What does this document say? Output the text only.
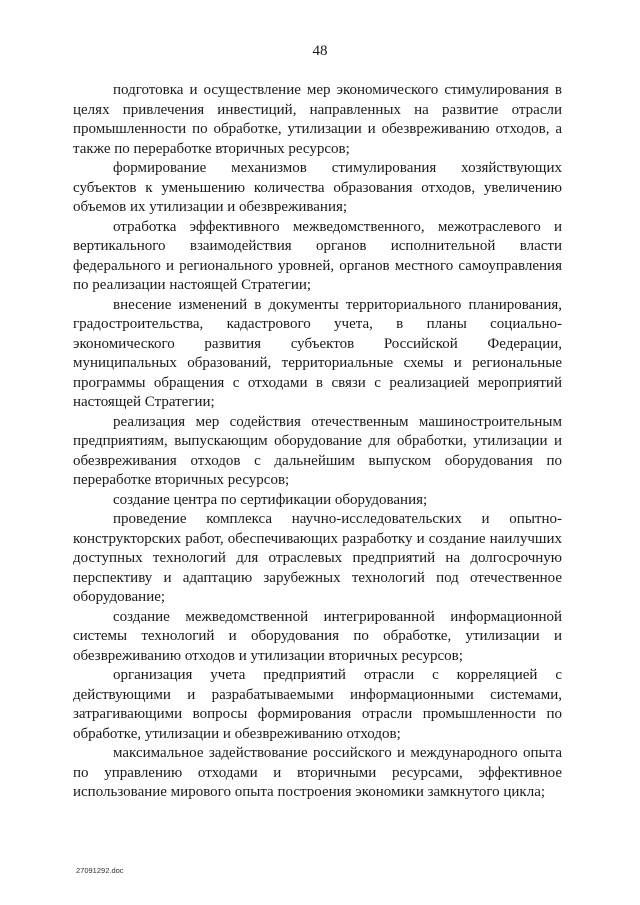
48

подготовка и осуществление мер экономического стимулирования в целях привлечения инвестиций, направленных на развитие отрасли промышленности по обработке, утилизации и обезвреживанию отходов, а также по переработке вторичных ресурсов;

формирование механизмов стимулирования хозяйствующих субъектов к уменьшению количества образования отходов, увеличению объемов их утилизации и обезвреживания;

отработка эффективного межведомственного, межотраслевого и вертикального взаимодействия органов исполнительной власти федерального и регионального уровней, органов местного самоуправления по реализации настоящей Стратегии;

внесение изменений в документы территориального планирования, градостроительства, кадастрового учета, в планы социально-экономического развития субъектов Российской Федерации, муниципальных образований, территориальные схемы и региональные программы обращения с отходами в связи с реализацией мероприятий настоящей Стратегии;

реализация мер содействия отечественным машиностроительным предприятиям, выпускающим оборудование для обработки, утилизации и обезвреживания отходов с дальнейшим выпуском оборудования по переработке вторичных ресурсов;

создание центра по сертификации оборудования;

проведение комплекса научно-исследовательских и опытно-конструкторских работ, обеспечивающих разработку и создание наилучших доступных технологий для отраслевых предприятий на долгосрочную перспективу и адаптацию зарубежных технологий под отечественное оборудование;

создание межведомственной интегрированной информационной системы технологий и оборудования по обработке, утилизации и обезвреживанию отходов и утилизации вторичных ресурсов;

организация учета предприятий отрасли с корреляцией с действующими и разрабатываемыми информационными системами, затрагивающими вопросы формирования отрасли промышленности по обработке, утилизации и обезвреживанию отходов;

максимальное задействование российского и международного опыта по управлению отходами и вторичными ресурсами, эффективное использование мирового опыта построения экономики замкнутого цикла;

27091292.doc
